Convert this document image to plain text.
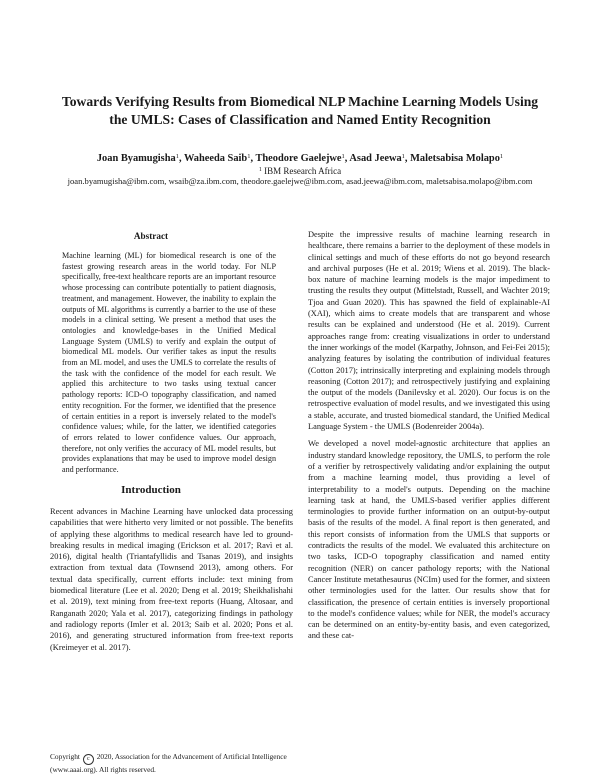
Towards Verifying Results from Biomedical NLP Machine Learning Models Using
the UMLS: Cases of Classification and Named Entity Recognition
Joan Byamugisha$^1$, Waheeda Saib$^1$, Theodore Gaelejwe$^1$, Asad Jeewa$^1$, Maletsabisa Molapo$^1$
$^1$ IBM Research Africa
joan.byamugisha@ibm.com, wsaib@za.ibm.com, theodore.gaelejwe@ibm.com, asad.jeewa@ibm.com, maletsabisa.molapo@ibm.com
Abstract
Machine learning (ML) for biomedical research is one of the fastest growing research areas in the world today. For NLP specifically, free-text healthcare reports are an important resource whose processing can contribute potentially to patient diagnosis, treatment, and management. However, the inability to explain the outputs of ML algorithms is currently a barrier to the use of these models in a clinical setting. We present a method that uses the ontologies and knowledge-bases in the Unified Medical Language System (UMLS) to verify and explain the output of biomedical ML models. Our verifier takes as input the results from an ML model, and uses the UMLS to correlate the results of the task with the confidence of the model for each result. We applied this architecture to two tasks using textual cancer pathology reports: ICD-O topography classification, and named entity recognition. For the former, we identified that the presence of certain entities in a report is inversely related to the model's confidence values; while, for the latter, we identified categories of errors related to lower confidence values. Our approach, therefore, not only verifies the accuracy of ML model results, but provides explanations that may be used to improve model design and performance.
Introduction
Recent advances in Machine Learning have unlocked data processing capabilities that were hitherto very limited or not possible. The benefits of applying these algorithms to medical research have led to ground-breaking results in medical imaging (Erickson et al. 2017; Ravì et al. 2016), digital health (Triantafyllidis and Tsanas 2019), and insights extraction from textual data (Townsend 2013), among others. For textual data specifically, current efforts include: text mining from biomedical literature (Lee et al. 2020; Deng et al. 2019; Sheikhalishahi et al. 2019), text mining from free-text reports (Huang, Altosaar, and Ranganath 2020; Yala et al. 2017), categorizing findings in pathology and radiology reports (Imler et al. 2013; Saib et al. 2020; Pons et al. 2016), and generating structured information from free-text reports (Kreimeyer et al. 2017).
Copyright c 2020, Association for the Advancement of Artificial Intelligence (www.aaai.org). All rights reserved.

Despite the impressive results of machine learning research in healthcare, there remains a barrier to the deployment of these models in clinical settings and much of these efforts do not go beyond research and archival purposes (He et al. 2019; Wiens et al. 2019). The black-box nature of machine learning models is the major impediment to trusting the results they output (Mittelstadt, Russell, and Wachter 2019; Tjoa and Guan 2020). This has spawned the field of explainable-AI (XAI), which aims to create models that are transparent and whose results can be explained and understood (He et al. 2019). Current approaches range from: creating visualizations in order to understand the inner workings of the model (Karpathy, Johnson, and Fei-Fei 2015); analyzing features by isolating the contribution of individual features (Cotton 2017); intrinsically interpreting and explaining models through reasoning (Cotton 2017); and retrospectively justifying and explaining the output of the models (Danilevsky et al. 2020). Our focus is on the retrospective evaluation of model results, and we investigated this using a stable, accurate, and trusted biomedical standard, the Unified Medical Language System - the UMLS (Bodenreider 2004a).

We developed a novel model-agnostic architecture that applies an industry standard knowledge repository, the UMLS, to perform the role of a verifier by retrospectively validating and/or explaining the output from a machine learning model, thus providing a level of interpretability to a model's outputs. Depending on the machine learning task at hand, the UMLS-based verifier applies different terminologies to provide further information on an output-by-output basis of the results of the model. A final report is then generated, and this report consists of information from the UMLS that supports or contradicts the results of the model. We evaluated this architecture on two tasks, ICD-O topography classification and named entity recognition (NER) on cancer pathology reports; with the National Cancer Institute metathesaurus (NCIm) used for the former, and sixteen other terminologies used for the latter. Our results show that for classification, the presence of certain entities is inversely proportional to the model's confidence values; while for NER, the model's accuracy can be determined on an entity-by-entity basis, and even categorized, and these cat-
